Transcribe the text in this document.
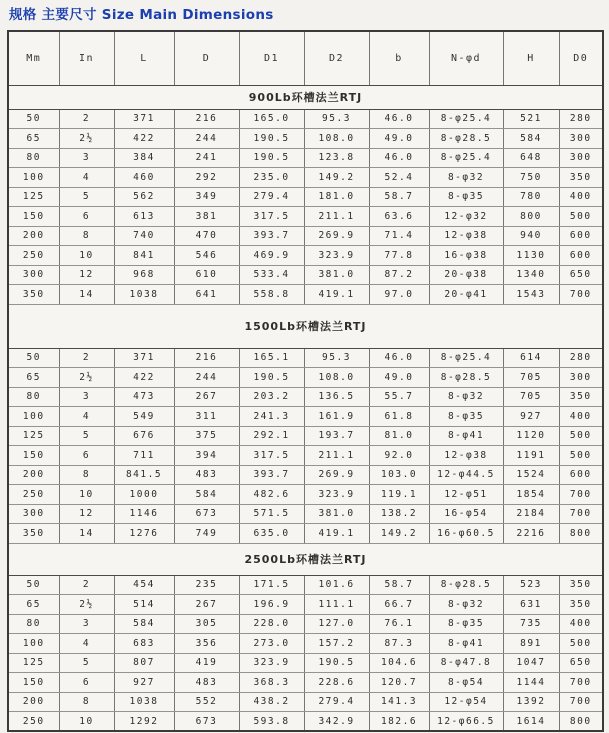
规格 主要尺寸 Size Main Dimensions
Mm	In	L	D	D1	D2	b	N-φd	H	D0
900Lb环槽法兰RTJ									
50	2	371	216	165.0	95.3	46.0	8-φ25.4	521	280
65	2½	422	244	190.5	108.0	49.0	8-φ28.5	584	300
80	3	384	241	190.5	123.8	46.0	8-φ25.4	648	300
100	4	460	292	235.0	149.2	52.4	8-φ32	750	350
125	5	562	349	279.4	181.0	58.7	8-φ35	780	400
150	6	613	381	317.5	211.1	63.6	12-φ32	800	500
200	8	740	470	393.7	269.9	71.4	12-φ38	940	600
250	10	841	546	469.9	323.9	77.8	16-φ38	1130	600
300	12	968	610	533.4	381.0	87.2	20-φ38	1340	650
350	14	1038	641	558.8	419.1	97.0	20-φ41	1543	700
1500Lb环槽法兰RTJ									
50	2	371	216	165.1	95.3	46.0	8-φ25.4	614	280
65	2½	422	244	190.5	108.0	49.0	8-φ28.5	705	300
80	3	473	267	203.2	136.5	55.7	8-φ32	705	350
100	4	549	311	241.3	161.9	61.8	8-φ35	927	400
125	5	676	375	292.1	193.7	81.0	8-φ41	1120	500
150	6	711	394	317.5	211.1	92.0	12-φ38	1191	500
200	8	841.5	483	393.7	269.9	103.0	12-φ44.5	1524	600
250	10	1000	584	482.6	323.9	119.1	12-φ51	1854	700
300	12	1146	673	571.5	381.0	138.2	16-φ54	2184	700
350	14	1276	749	635.0	419.1	149.2	16-φ60.5	2216	800
2500Lb环槽法兰RTJ									
50	2	454	235	171.5	101.6	58.7	8-φ28.5	523	350
65	2½	514	267	196.9	111.1	66.7	8-φ32	631	350
80	3	584	305	228.0	127.0	76.1	8-φ35	735	400
100	4	683	356	273.0	157.2	87.3	8-φ41	891	500
125	5	807	419	323.9	190.5	104.6	8-φ47.8	1047	650
150	6	927	483	368.3	228.6	120.7	8-φ54	1144	700
200	8	1038	552	438.2	279.4	141.3	12-φ54	1392	700
250	10	1292	673	593.8	342.9	182.6	12-φ66.5	1614	800
